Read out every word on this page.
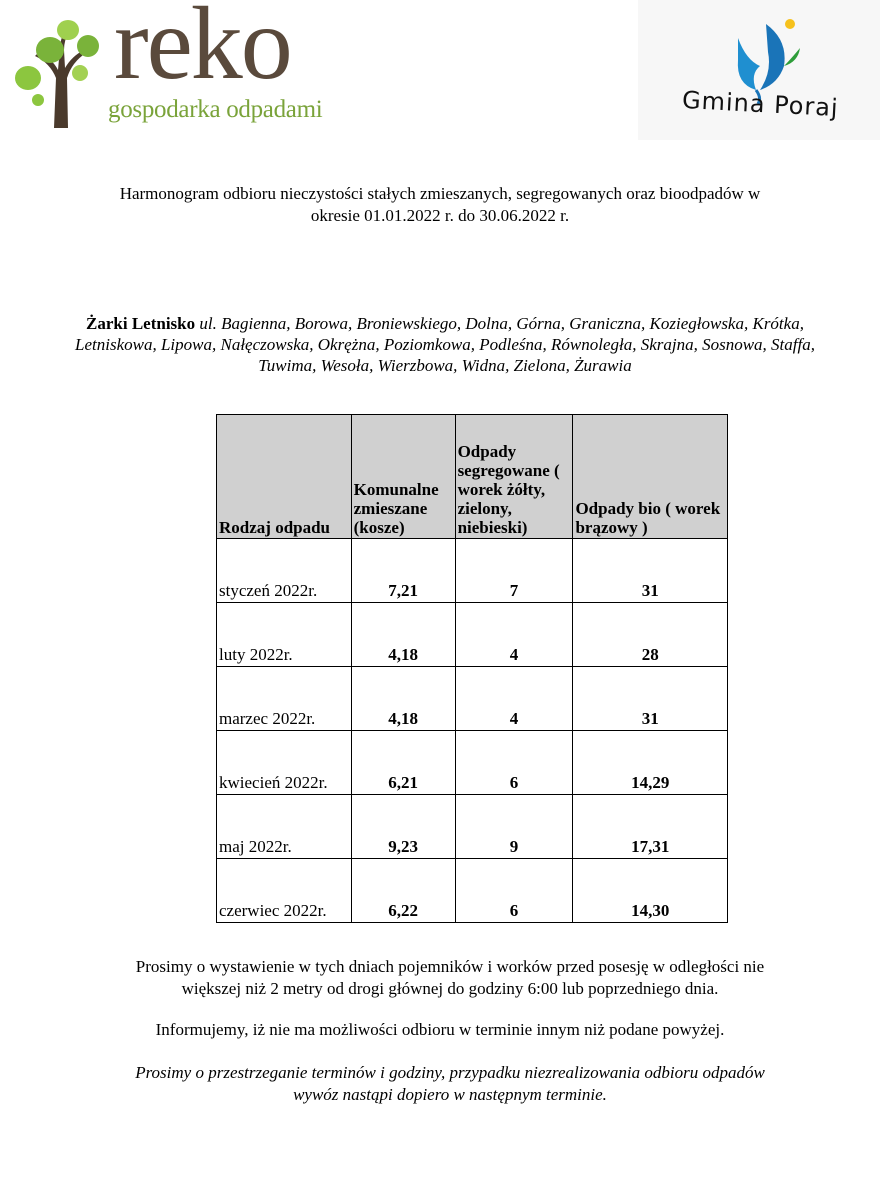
reko
gospodarka odpadami	Gmina Poraj
Harmonogram odbioru nieczystości stałych zmieszanych, segregowanych oraz bioodpadów w
okresie 01.01.2022 r. do 30.06.2022 r.
Żarki Letnisko ul. Bagienna, Borowa, Broniewskiego, Dolna, Górna, Graniczna, Koziegłowska, Krótka, Letniskowa, Lipowa, Nałęczowska, Okrężna, Poziomkowa, Podleśna, Równoległa, Skrajna, Sosnowa, Staffa, Tuwima, Wesoła, Wierzbowa, Widna, Zielona, Żurawia
Rodzaj odpadu	Komunalne zmieszane (kosze)	Odpady segregowane ( worek żółty, zielony, niebieski)	Odpady bio ( worek brązowy )
styczeń 2022r.	7,21	7	31
luty 2022r.	4,18	4	28
marzec 2022r.	4,18	4	31
kwiecień 2022r.	6,21	6	14,29
maj 2022r.	9,23	9	17,31
czerwiec 2022r.	6,22	6	14,30
Prosimy o wystawienie w tych dniach pojemników i worków przed posesję w odległości nie
większej niż 2 metry od drogi głównej do godziny 6:00 lub poprzedniego dnia.
Informujemy, iż nie ma możliwości odbioru w terminie innym niż podane powyżej.
Prosimy o przestrzeganie terminów i godziny, przypadku niezrealizowania odbioru odpadów
wywóz nastąpi dopiero w następnym terminie.
